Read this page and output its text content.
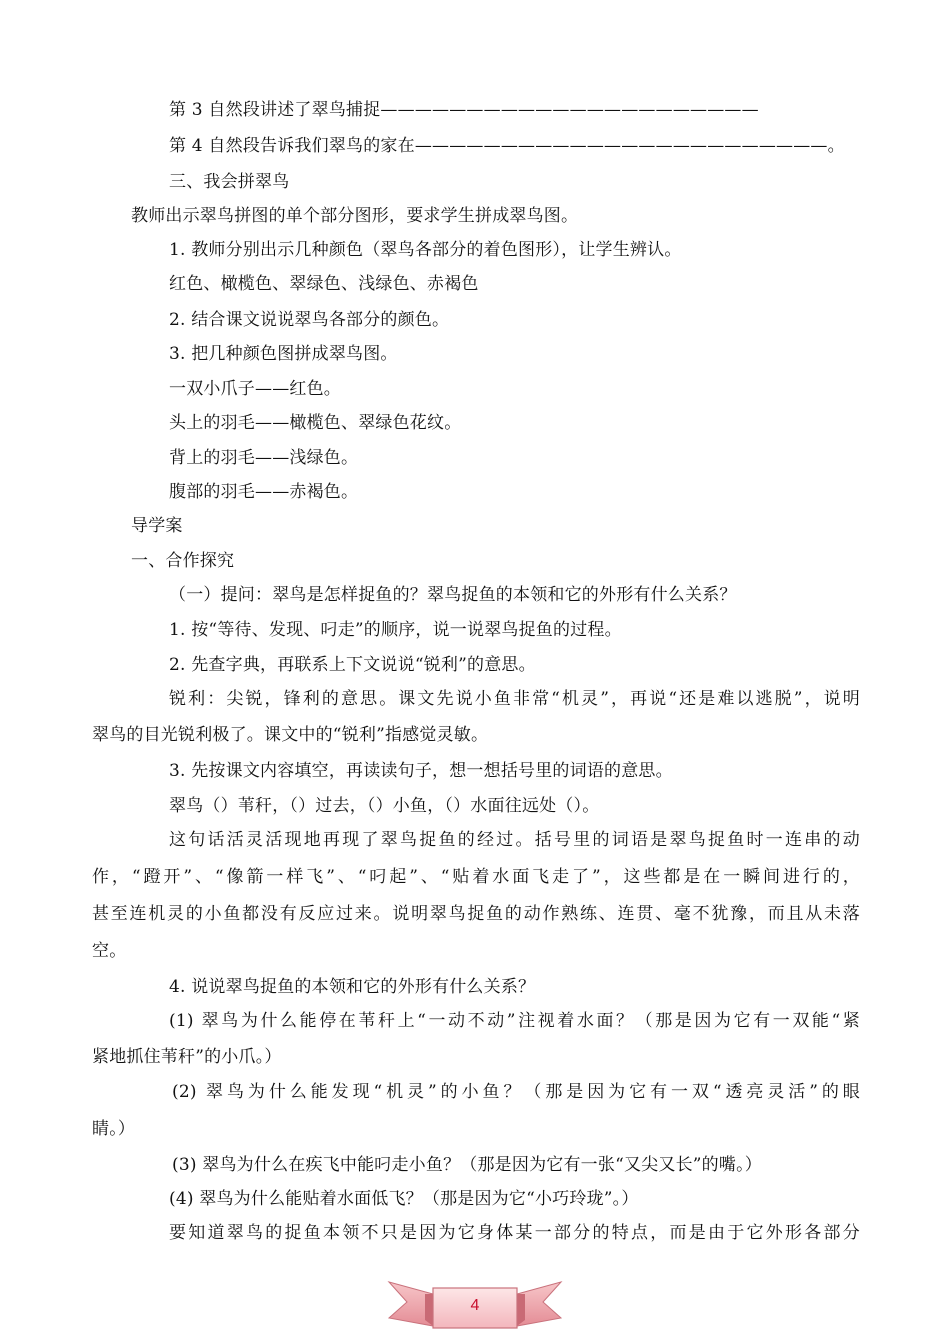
第 3 自然段讲述了翠鸟捕捉——————————————————————
第 4 自然段告诉我们翠鸟的家在————————————————————————。
三、我会拼翠鸟
教师出示翠鸟拼图的单个部分图形，要求学生拼成翠鸟图。
1. 教师分别出示几种颜色（翠鸟各部分的着色图形），让学生辨认。
红色、橄榄色、翠绿色、浅绿色、赤褐色
2. 结合课文说说翠鸟各部分的颜色。
3. 把几种颜色图拼成翠鸟图。
一双小爪子——红色。
头上的羽毛——橄榄色、翠绿色花纹。
背上的羽毛——浅绿色。
腹部的羽毛——赤褐色。
导学案
一、合作探究
（一）提问：翠鸟是怎样捉鱼的？翠鸟捉鱼的本领和它的外形有什么关系？
1. 按“等待、发现、叼走”的顺序，说一说翠鸟捉鱼的过程。
2. 先查字典，再联系上下文说说“锐利”的意思。
锐利：尖锐，锋利的意思。课文先说小鱼非常“机灵”，再说“还是难以逃脱”，说明
翠鸟的目光锐利极了。课文中的“锐利”指感觉灵敏。
3. 先按课文内容填空，再读读句子，想一想括号里的词语的意思。
翠鸟（）苇秆，（）过去，（）小鱼，（）水面往远处（）。
这句话活灵活现地再现了翠鸟捉鱼的经过。括号里的词语是翠鸟捉鱼时一连串的动
作，“蹬开”、“像箭一样飞”、“叼起”、“贴着水面飞走了”，这些都是在一瞬间进行的，
甚至连机灵的小鱼都没有反应过来。说明翠鸟捉鱼的动作熟练、连贯、毫不犹豫，而且从未落
空。
4. 说说翠鸟捉鱼的本领和它的外形有什么关系？
(1) 翠鸟为什么能停在苇秆上“一动不动”注视着水面？（那是因为它有一双能“紧
紧地抓住苇秆”的小爪。）
(2) 翠鸟为什么能发现“机灵”的小鱼？（那是因为它有一双“透亮灵活”的眼
睛。）
(3) 翠鸟为什么在疾飞中能叼走小鱼？（那是因为它有一张“又尖又长”的嘴。）
(4) 翠鸟为什么能贴着水面低飞？（那是因为它“小巧玲珑”。）
要知道翠鸟的捉鱼本领不只是因为它身体某一部分的特点，而是由于它外形各部分
4
